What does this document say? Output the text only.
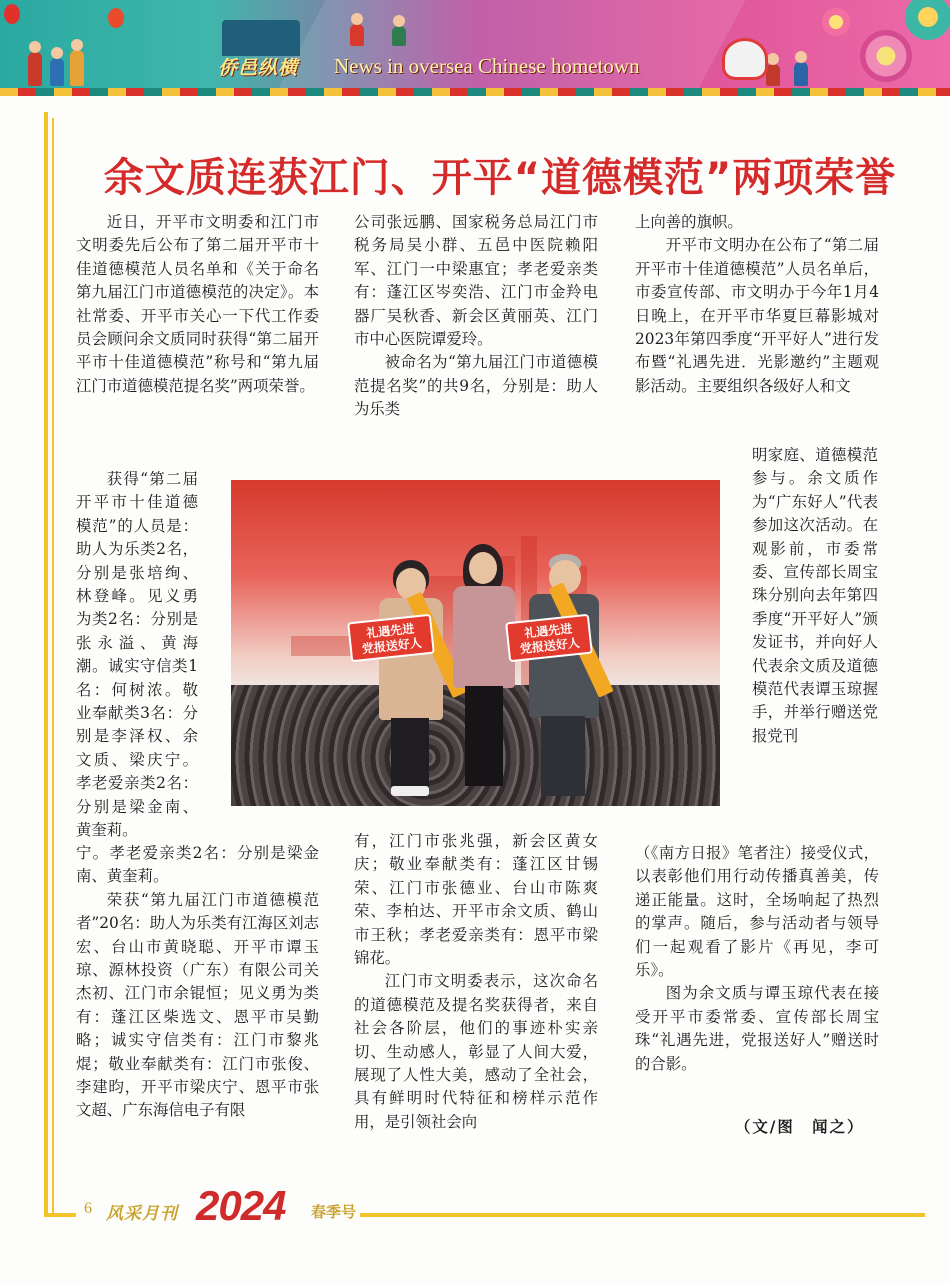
侨邑纵横 News in oversea Chinese hometown
余文质连获江门、开平“道德模范”两项荣誉

近日，开平市文明委和江门市文明委先后公布了第二届开平市十佳道德模范人员名单和《关于命名第九届江门市道德模范的决定》。本社常委、开平市关心一下代工作委员会顾问余文质同时获得“第二届开平市十佳道德模范”称号和“第九届江门市道德模范提名奖”两项荣誉。

获得“第二届开平市十佳道德模范”的人员是：助人为乐类2名，分别是张培绚、林登峰。见义勇为类2名：分别是张永溢、黄海潮。诚实守信类1名：何树浓。敬业奉献类3名：分别是李泽权、余文质、梁庆宁。孝老爱亲类2名：分别是梁金南、黄奎莉。

宁。孝老爱亲类2名：分别是梁金南、黄奎莉。

荣获“第九届江门市道德模范者”20名：助人为乐类有江海区刘志宏、台山市黄晓聪、开平市谭玉琼、源林投资（广东）有限公司关杰初、江门市余锟恒；见义勇为类有：蓬江区柴选文、恩平市吴勤略；诚实守信类有：江门市黎兆焜；敬业奉献类有：江门市张俊、李建昀，开平市梁庆宁、恩平市张文超、广东海信电子有限

公司张远鹏、国家税务总局江门市税务局吴小群、五邑中医院赖阳军、江门一中梁惠宜；孝老爱亲类有：蓬江区岑奕浩、江门市金羚电器厂吴秋香、新会区黄丽英、江门市中心医院谭爱玲。

被命名为“第九届江门市道德模范提名奖”的共9名，分别是：助人为乐类

有，江门市张兆强，新会区黄女庆；敬业奉献类有：蓬江区甘锡荣、江门市张德业、台山市陈爽荣、李柏达、开平市余文质、鹤山市王秋；孝老爱亲类有：恩平市梁锦花。

江门市文明委表示，这次命名的道德模范及提名奖获得者，来自社会各阶层，他们的事迹朴实亲切、生动感人，彰显了人间大爱，展现了人性大美，感动了全社会，具有鲜明时代特征和榜样示范作用，是引领社会向

上向善的旗帜。

开平市文明办在公布了“第二届开平市十佳道德模范”人员名单后，市委宣传部、市文明办于今年1月4日晚上，在开平市华夏巨幕影城对2023年第四季度“开平好人”进行发布暨“礼遇先进．光影邀约”主题观影活动。主要组织各级好人和文

明家庭、道德模范参与。余文质作为“广东好人”代表参加这次活动。在观影前，市委常委、宣传部长周宝珠分别向去年第四季度“开平好人”颁发证书，并向好人代表余文质及道德模范代表谭玉琼握手，并举行赠送党报党刊

（《南方日报》笔者注）接受仪式，以表彰他们用行动传播真善美，传递正能量。这时，全场响起了热烈的掌声。随后，参与活动者与领导们一起观看了影片《再见，李可乐》。

图为余文质与谭玉琼代表在接受开平市委常委、宣传部长周宝珠“礼遇先进，党报送好人”赠送时的合影。

（文/图　闻之）
礼遇先进
党报送好人
礼遇先进
党报送好人
6 风采月刊 2024 春季号
